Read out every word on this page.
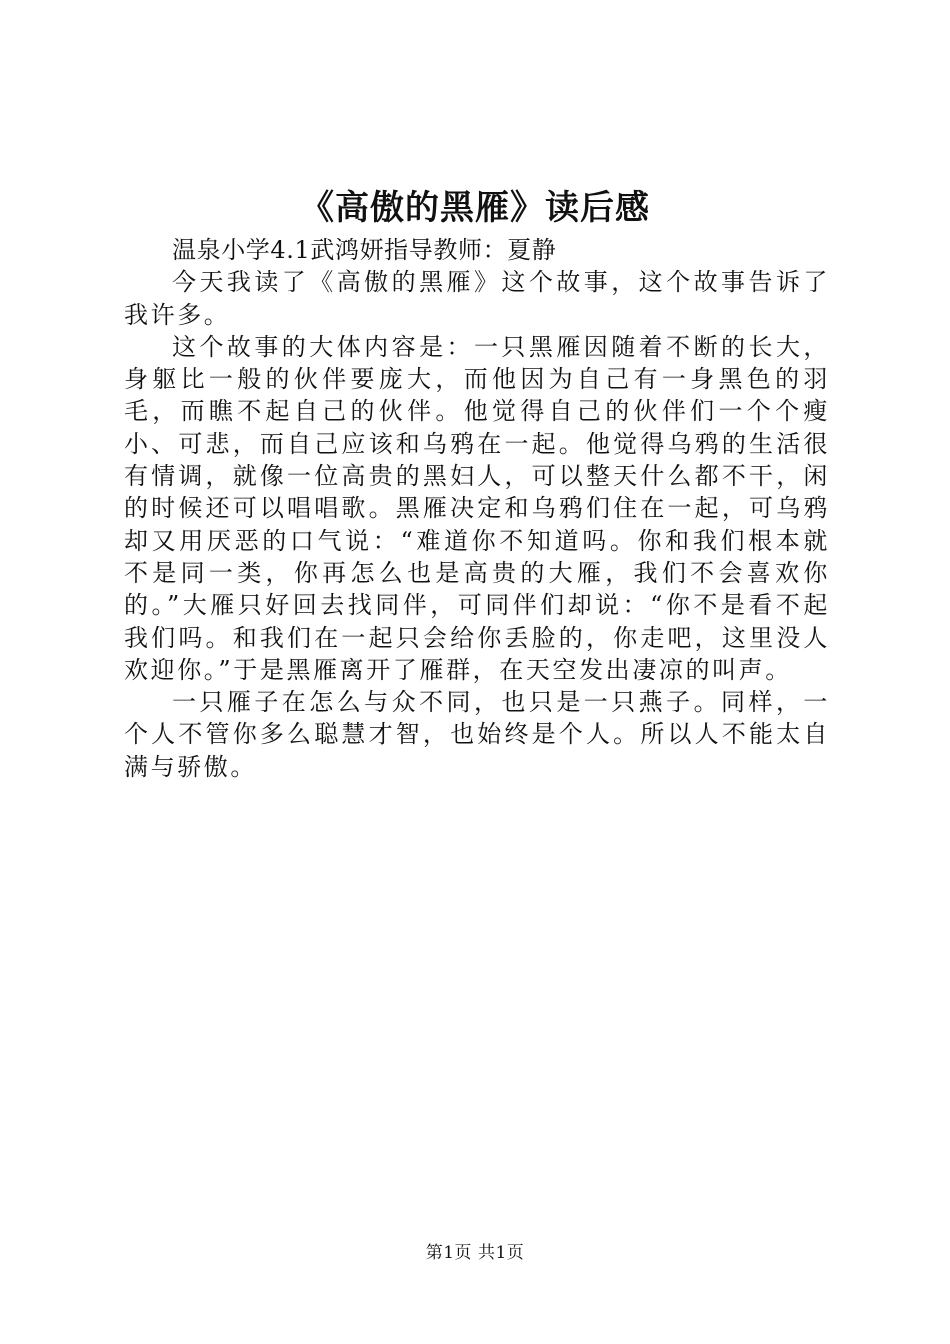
《高傲的黑雁》读后感

温泉小学4.1武鸿妍指导教师：夏静

今天我读了《高傲的黑雁》这个故事，这个故事告诉了我许多。

这个故事的大体内容是：一只黑雁因随着不断的长大，身躯比一般的伙伴要庞大，而他因为自己有一身黑色的羽毛，而瞧不起自己的伙伴。他觉得自己的伙伴们一个个瘦小、可悲，而自己应该和乌鸦在一起。他觉得乌鸦的生活很有情调，就像一位高贵的黑妇人，可以整天什么都不干，闲的时候还可以唱唱歌。黑雁决定和乌鸦们住在一起，可乌鸦却又用厌恶的口气说：“难道你不知道吗。你和我们根本就不是同一类，你再怎么也是高贵的大雁，我们不会喜欢你的。”大雁只好回去找同伴，可同伴们却说：“你不是看不起我们吗。和我们在一起只会给你丢脸的，你走吧，这里没人欢迎你。”于是黑雁离开了雁群，在天空发出凄凉的叫声。

一只雁子在怎么与众不同，也只是一只燕子。同样，一个人不管你多么聪慧才智，也始终是个人。所以人不能太自满与骄傲。

第1页 共1页
